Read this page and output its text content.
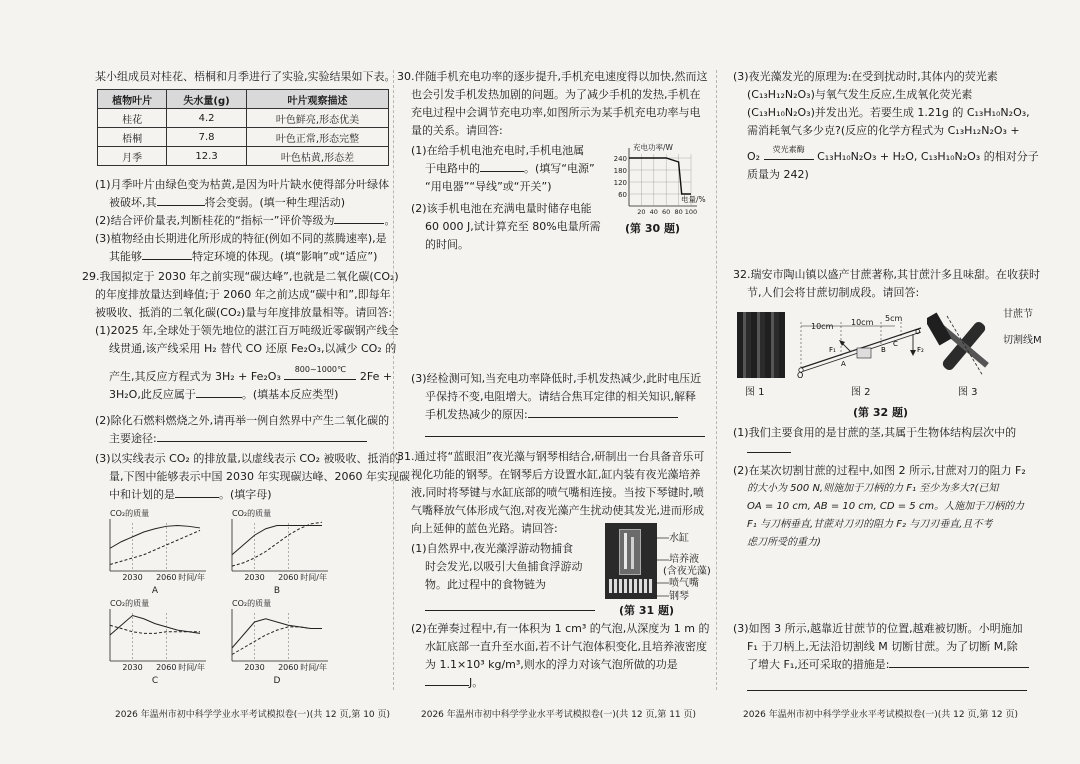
某小组成员对桂花、梧桐和月季进行了实验,实验结果如下表。
植物叶片	失水量(g)	叶片观察描述
桂花	4.2	叶色鲜亮,形态优美
梧桐	7.8	叶色正常,形态完整
月季	12.3	叶色枯黄,形态差
(1)月季叶片由绿色变为枯黄,是因为叶片缺水使得部分叶绿体
被破坏,其	将会变弱。(填一种生理活动)
(2)结合评价量表,判断桂花的“指标一”评价等级为	。
(3)植物经由长期进化所形成的特征(例如不同的蒸腾速率),是
其能够	特定环境的体现。(填“影响”或“适应”)
29.我国拟定于 2030 年之前实现“碳达峰”,也就是二氧化碳(CO₂)
的年度排放量达到峰值;于 2060 年之前达成“碳中和”,即每年
被吸收、抵消的二氧化碳(CO₂)量与年度排放量相等。请回答:
(1)2025 年,全球处于领先地位的湛江百万吨级近零碳钢产线全
线贯通,该产线采用 H₂ 替代 CO 还原 Fe₂O₃,以减少 CO₂ 的
产生,其反应方程式为 3H₂ + Fe₂O₃
800~1000℃
2Fe +
3H₂O,此反应属于	。(填基本反应类型)
(2)除化石燃料燃烧之外,请再举一例自然界中产生二氧化碳的
主要途径:
(3)以实线表示 CO₂ 的排放量,以虚线表示 CO₂ 被吸收、抵消的
量,下图中能够表示中国 2030 年实现碳达峰、2060 年实现碳
中和计划的是	。(填字母)
CO₂的质量
2030 2060 时间/年
A
CO₂的质量
2030 2060 时间/年
B
CO₂的质量
2030 2060 时间/年
C
CO₂的质量
2030 2060 时间/年
D
2026 年温州市初中科学学业水平考试模拟卷(一)(共 12 页,第 10 页)
30.伴随手机充电功率的逐步提升,手机充电速度得以加快,然而这
也会引发手机发热加剧的问题。为了减少手机的发热,手机在
充电过程中会调节充电功率,如图所示为某手机充电功率与电
量的关系。请回答:
(1)在给手机电池充电时,手机电池属
于电路中的	。(填写“电源”
“用电器”“导线”或“开关”)
(2)该手机电池在充满电量时储存电能
60 000 J,试计算充至 80%电量所需
的时间。
60
120
180
240
20 40 60 80 100
充电功率/W
电量/%
(第 30 题)
(3)经检测可知,当充电功率降低时,手机发热减少,此时电压近
乎保持不变,电阻增大。请结合焦耳定律的相关知识,解释
手机发热减少的原因:
31.通过将“蓝眼泪”夜光藻与钢琴相结合,研制出一台具备音乐可
视化功能的钢琴。在钢琴后方设置水缸,缸内装有夜光藻培养
液,同时将琴键与水缸底部的喷气嘴相连接。当按下琴键时,喷
气嘴释放气体形成气泡,对夜光藻产生扰动使其发光,进而形成
向上延伸的蓝色光路。请回答:
(1)自然界中,夜光藻浮游动物捕食
时会发光,以吸引大鱼捕食浮游动
物。此过程中的食物链为
水缸
培养液
(含夜光藻)
喷气嘴
钢琴
(第 31 题)
(2)在弹奏过程中,有一体积为 1 cm³ 的气泡,从深度为 1 m 的
水缸底部一直升至水面,若不计气泡体积变化,且培养液密度
为 1.1×10³ kg/m³,则水的浮力对该气泡所做的功是
J。
2026 年温州市初中科学学业水平考试模拟卷(一)(共 12 页,第 11 页)
(3)夜光藻发光的原理为:在受到扰动时,其体内的荧光素
(C₁₃H₁₂N₂O₃)与氧气发生反应,生成氧化荧光素
(C₁₃H₁₀N₂O₃)并发出光。若要生成 1.21g 的 C₁₃H₁₀N₂O₃,
需消耗氧气多少克?(反应的化学方程式为 C₁₃H₁₂N₂O₃ +
O₂
荧光素酶
C₁₃H₁₀N₂O₃ + H₂O, C₁₃H₁₀N₂O₃ 的相对分子
质量为 242)
32.瑞安市陶山镇以盛产甘蔗著称,其甘蔗汁多且味甜。在收获时
节,人们会将甘蔗切制成段。请回答:
O
A
B
C
D
F₁	F₂
10cm 10cm 5cm	甘蔗节
切割线M
图 1	图 2	图 3
(第 32 题)
(1)我们主要食用的是甘蔗的茎,其属于生物体结构层次中的
(2)在某次切割甘蔗的过程中,如图 2 所示,甘蔗对刀的阻力 F₂
的大小为 500 N,则施加于刀柄的力 F₁ 至少为多大?(已知
OA = 10 cm, AB = 10 cm, CD = 5 cm。人施加于刀柄的力
F₁ 与刀柄垂直,甘蔗对刀刃的阻力 F₂ 与刀刃垂直,且不考
虑刀所受的重力)
(3)如图 3 所示,越靠近甘蔗节的位置,越难被切断。小明施加
F₁ 于刀柄上,无法沿切割线 M 切断甘蔗。为了切断 M,除
了增大 F₁,还可采取的措施是:
2026 年温州市初中科学学业水平考试模拟卷(一)(共 12 页,第 12 页)
